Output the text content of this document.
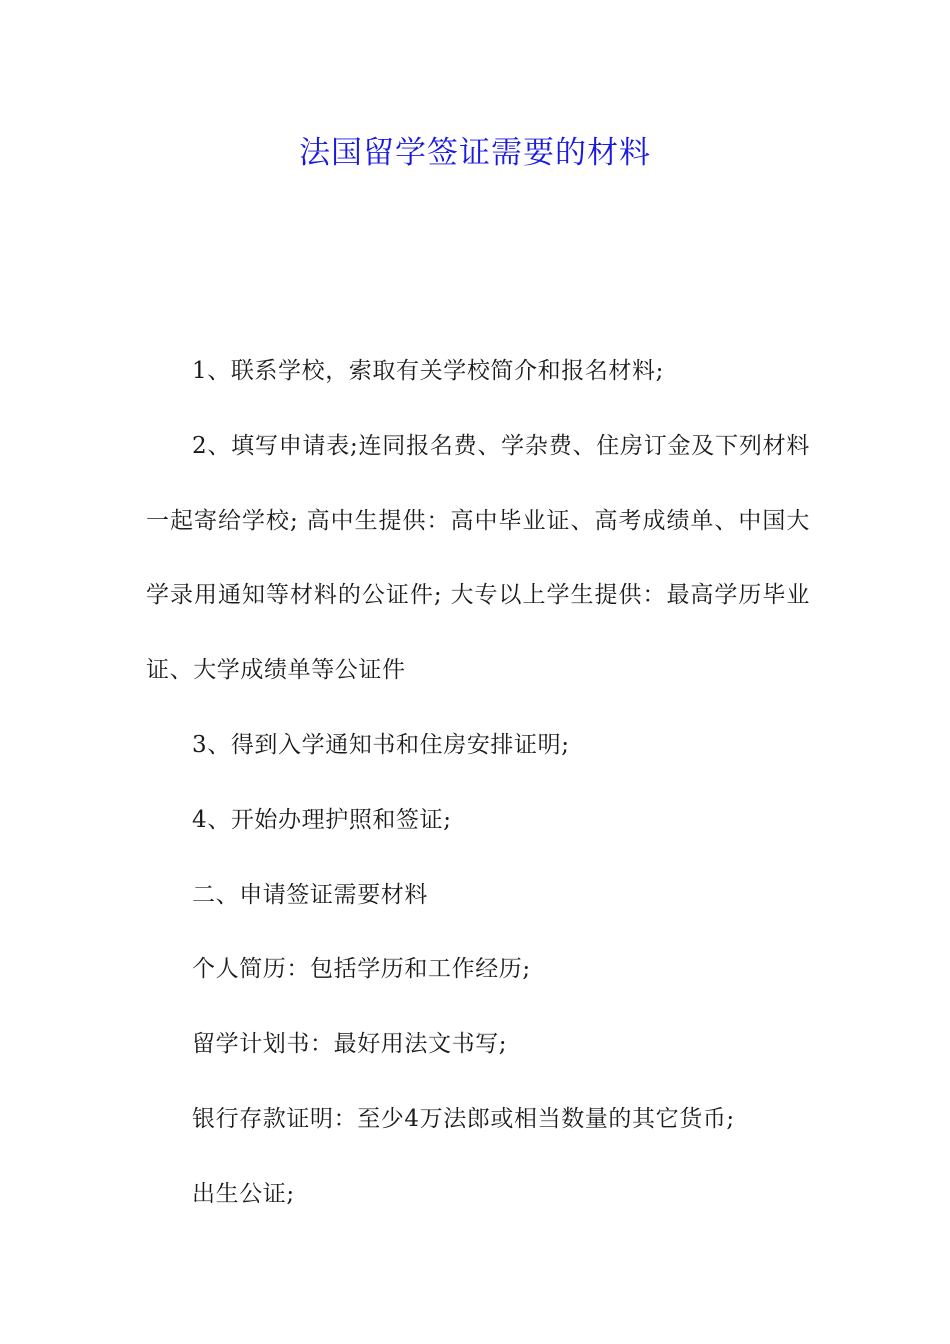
法国留学签证需要的材料

1、联系学校，索取有关学校简介和报名材料;

2、填写申请表;连同报名费、学杂费、住房订金及下列材料一起寄给学校; 高中生提供：高中毕业证、高考成绩单、中国大学录用通知等材料的公证件; 大专以上学生提供：最高学历毕业证、大学成绩单等公证件

3、得到入学通知书和住房安排证明;

4、开始办理护照和签证;

二、申请签证需要材料

个人简历：包括学历和工作经历;

留学计划书：最好用法文书写;

银行存款证明：至少4万法郎或相当数量的其它货币;

出生公证;
